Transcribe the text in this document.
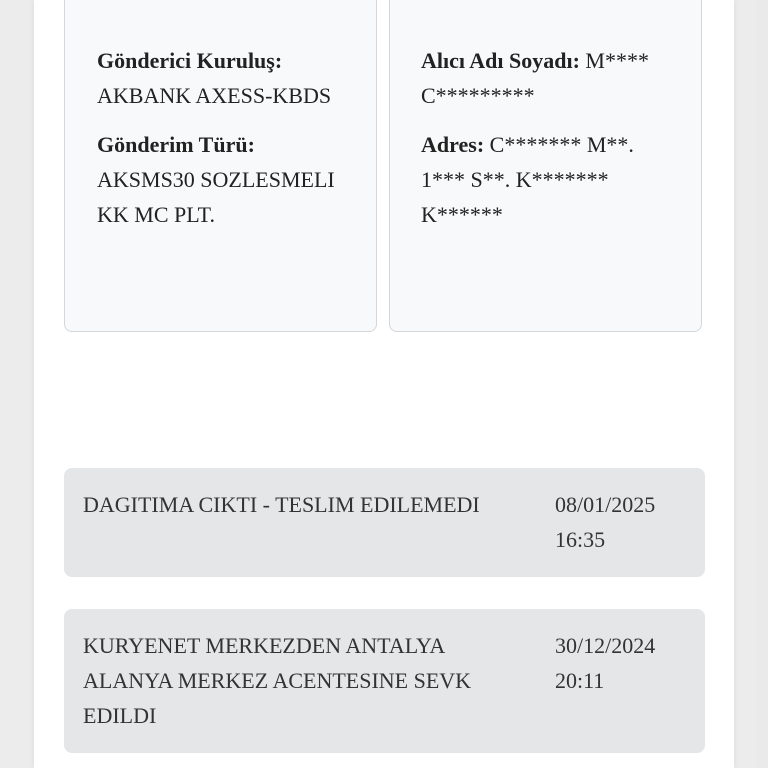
Gönderici Kuruluş:
AKBANK AXESS-KBDS
Gönderim Türü:
AKSMS30 SOZLESMELI KK MC PLT.
Alıcı Adı Soyadı: M**** C*********
Adres: C******* M**. 1*** S**. K******* K******
DAGITIMA CIKTI - TESLIM EDILEMEDI	08/01/2025
16:35
KURYENET MERKEZDEN ANTALYA ALANYA MERKEZ ACENTESINE SEVK EDILDI
30/12/2024
20:11
